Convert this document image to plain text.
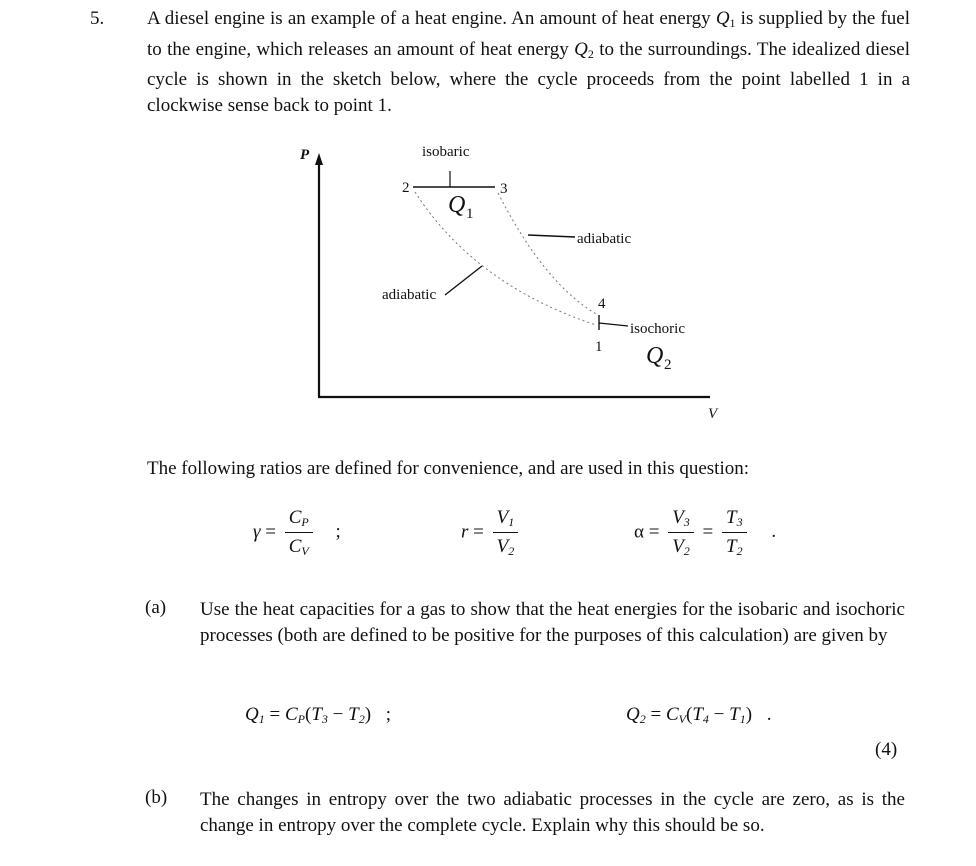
5. A diesel engine is an example of a heat engine. An amount of heat energy $Q_1$ is supplied by the fuel to the engine, which releases an amount of heat energy $Q_2$ to the surroundings. The idealized diesel cycle is shown in the sketch below, where the cycle proceeds from the point labelled 1 in a clockwise sense back to point 1.
P
V
isobaric
2	3
Q 1
adiabatic
adiabatic
isochoric
4
1 Q 2
The following ratios are defined for convenience, and are used in this question:
$\gamma = \frac{C_P}{C_V}$ ;	$r = \frac{V_1}{V_2}$	$\alpha = \frac{V_3}{V_2} = \frac{T_3}{T_2}$ .
(a) Use the heat capacities for a gas to show that the heat energies for the isobaric and isochoric processes (both are defined to be positive for the purposes of this calculation) are given by
$Q_1 = C_P(T_3 - T_2)$ ;	$Q_2 = C_V(T_4 - T_1)$ .
(4)
(b) The changes in entropy over the two adiabatic processes in the cycle are zero, as is the change in entropy over the complete cycle. Explain why this should be so.
